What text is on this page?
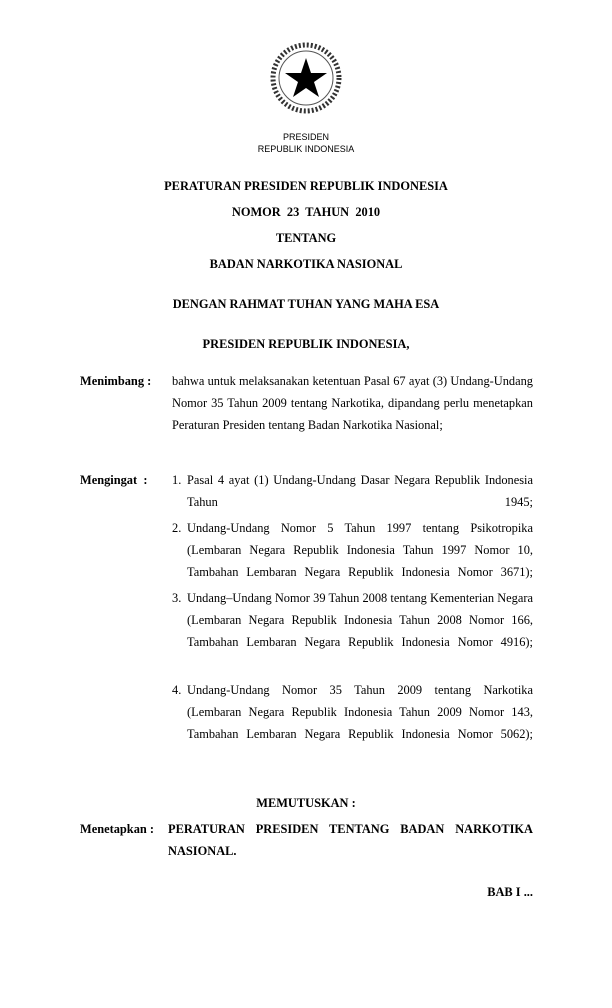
PRESIDEN
REPUBLIK INDONESIA
PERATURAN PRESIDEN REPUBLIK INDONESIA
NOMOR  23  TAHUN  2010
TENTANG
BADAN NARKOTIKA NASIONAL
DENGAN RAHMAT TUHAN YANG MAHA ESA
PRESIDEN REPUBLIK INDONESIA,
Menimbang : bahwa untuk melaksanakan ketentuan Pasal 67 ayat (3) Undang-Undang Nomor 35 Tahun 2009 tentang Narkotika, dipandang perlu menetapkan Peraturan Presiden tentang Badan Narkotika Nasional;
Mengingat  : 1. Pasal 4 ayat (1) Undang-Undang Dasar Negara Republik Indonesia Tahun 1945;
2. Undang-Undang Nomor 5 Tahun 1997 tentang Psikotropika (Lembaran Negara Republik Indonesia Tahun 1997 Nomor 10, Tambahan Lembaran Negara Republik Indonesia Nomor 3671);
3. Undang–Undang Nomor 39 Tahun 2008 tentang Kementerian Negara (Lembaran Negara Republik Indonesia Tahun 2008 Nomor 166, Tambahan Lembaran Negara Republik Indonesia Nomor 4916);
4. Undang-Undang Nomor 35 Tahun 2009 tentang Narkotika (Lembaran Negara Republik Indonesia Tahun 2009 Nomor 143, Tambahan Lembaran Negara Republik Indonesia Nomor 5062);
MEMUTUSKAN :
Menetapkan : PERATURAN PRESIDEN TENTANG BADAN NARKOTIKA NASIONAL.
BAB I ...
